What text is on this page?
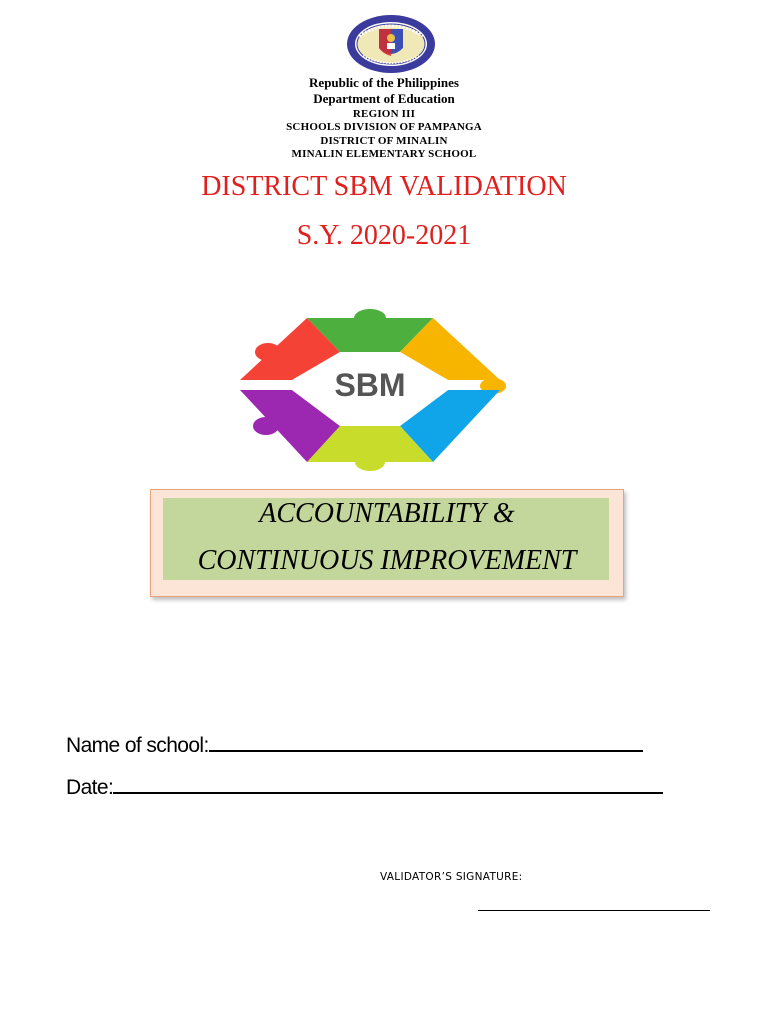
Republic of the Philippines
Department of Education
REGION III
SCHOOLS DIVISION OF PAMPANGA
DISTRICT OF MINALIN
MINALIN ELEMENTARY SCHOOL
DISTRICT SBM VALIDATION
S.Y. 2020-2021
SBM
ACCOUNTABILITY &
CONTINUOUS IMPROVEMENT
Name of school:
Date:
VALIDATOR’S SIGNATURE:
